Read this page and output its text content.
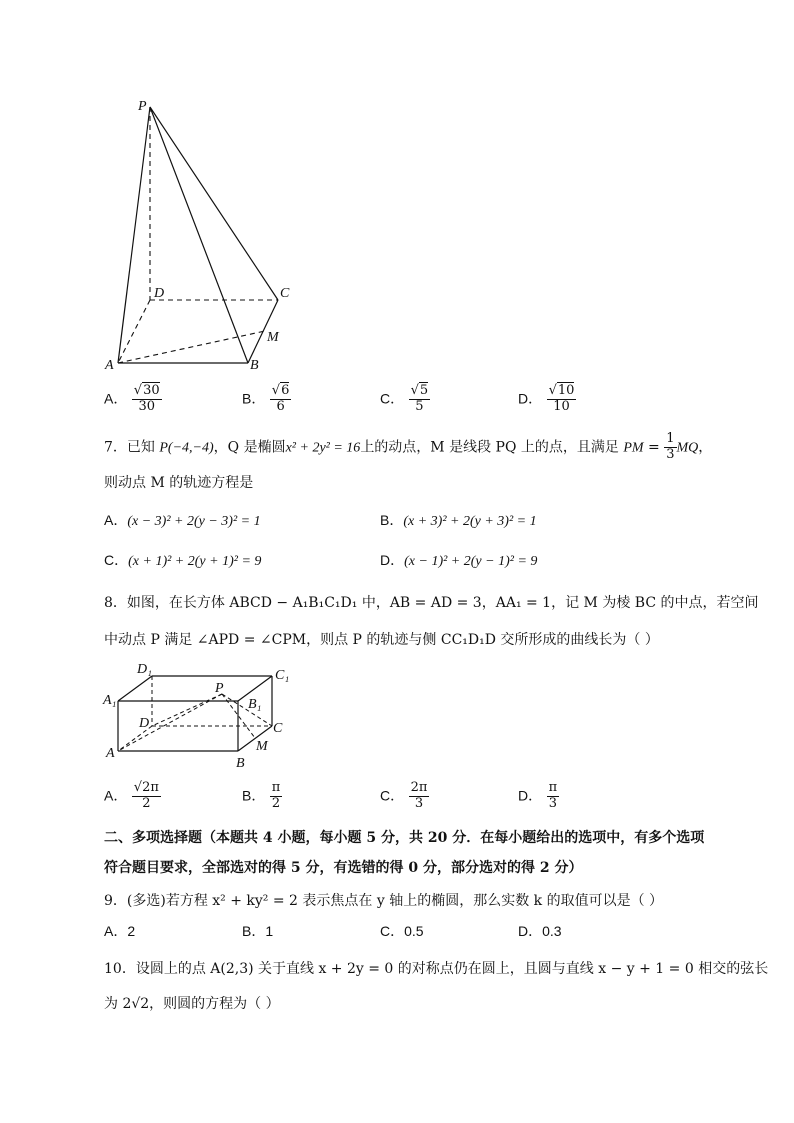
P
D	C
M
A	B
A． $\frac{√30}{30}$	B． $\frac{√6}{6}$	C． $\frac{√5}{5}$	D． $\frac{√10}{10}$
7．已知 P(−4,−4)，Q 是椭圆x² + 2y² = 16上的动点，M 是线段 PQ 上的点，且满足 PM = $\frac{1}{3}$ MQ，
则动点 M 的轨迹方程是
A．(x − 3)² + 2(y − 3)² = 1	B．(x + 3)² + 2(y + 3)² = 1
C．(x + 1)² + 2(y + 1)² = 9	D．(x − 1)² + 2(y − 1)² = 9
8．如图，在长方体 ABCD − A₁B₁C₁D₁ 中，AB = AD = 3，AA₁ = 1，记 M 为棱 BC 的中点，若空间
中动点 P 满足 ∠APD = ∠CPM，则点 P 的轨迹与侧 CC₁D₁D 交所形成的曲线长为（ ）
D₁	C₁
A₁
P
B₁
D	C
A	M
B
A． $\frac{√2\pi}{2}$	B． $\frac{\pi}{2}$	C． $\frac{2\pi}{3}$	D． $\frac{\pi}{3}$
二、多项选择题（本题共 4 小题，每小题 5 分，共 20 分．在每小题给出的选项中，有多个选项
符合题目要求，全部选对的得 5 分，有选错的得 0 分，部分选对的得 2 分）
9．(多选)若方程 x² + ky² = 2 表示焦点在 y 轴上的椭圆，那么实数 k 的取值可以是（ ）
A．2	B．1	C．0.5	D．0.3
10．设圆上的点 A(2,3) 关于直线 x + 2y = 0 的对称点仍在圆上，且圆与直线 x − y + 1 = 0 相交的弦长
为 2√2，则圆的方程为（ ）
